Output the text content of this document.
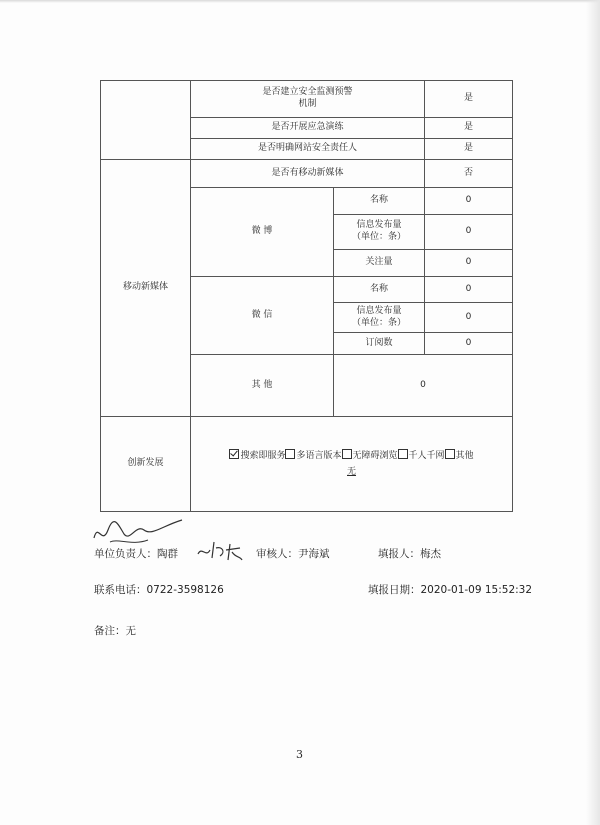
	是否建立安全监测预警
机制		是
	是否开展应急演练		是
	是否明确网站安全责任人		是
移动新媒体	是否有移动新媒体		否
	微 博	名称	0

		信息发布量
（单位：条）	0
		关注量	0
	微 信	名称	0

		信息发布量
（单位：条）	0
		订阅数	0
	其 他	0	
创新发展	搜索即服务 多语言版本 无障碍浏览 千人千网 其他
无		
单位负责人：陶群	审核人：尹海斌	填报人：梅杰
联系电话：0722-3598126	填报日期：2020-01-09 15:52:32
备注：无
3
